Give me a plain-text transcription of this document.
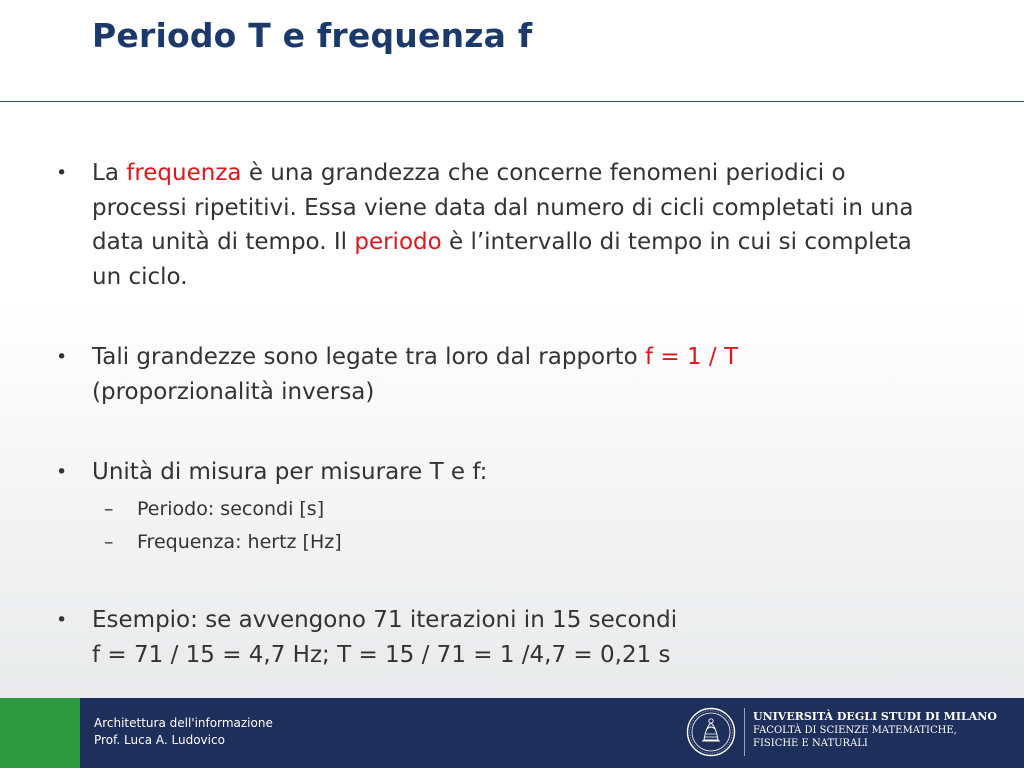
Periodo T e frequenza f
•	La frequenza è una grandezza che concerne fenomeni periodici o processi ripetitivi. Essa viene data dal numero di cicli completati in una data unità di tempo. Il periodo è l’intervallo di tempo in cui si completa un ciclo.
•	Tali grandezze sono legate tra loro dal rapporto f = 1 / T
(proporzionalità inversa)
•	Unità di misura per misurare T e f:
– Periodo: secondi [s]
– Frequenza: hertz [Hz]
•	Esempio: se avvengono 71 iterazioni in 15 secondi
f = 71 / 15 = 4,7 Hz; T = 15 / 71 = 1 /4,7 = 0,21 s
Architettura dell'informazione
Prof. Luca A. Ludovico
UNIVERSITÀ DEGLI STUDI DI MILANO
FACOLTÀ DI SCIENZE MATEMATICHE,
FISICHE E NATURALI
